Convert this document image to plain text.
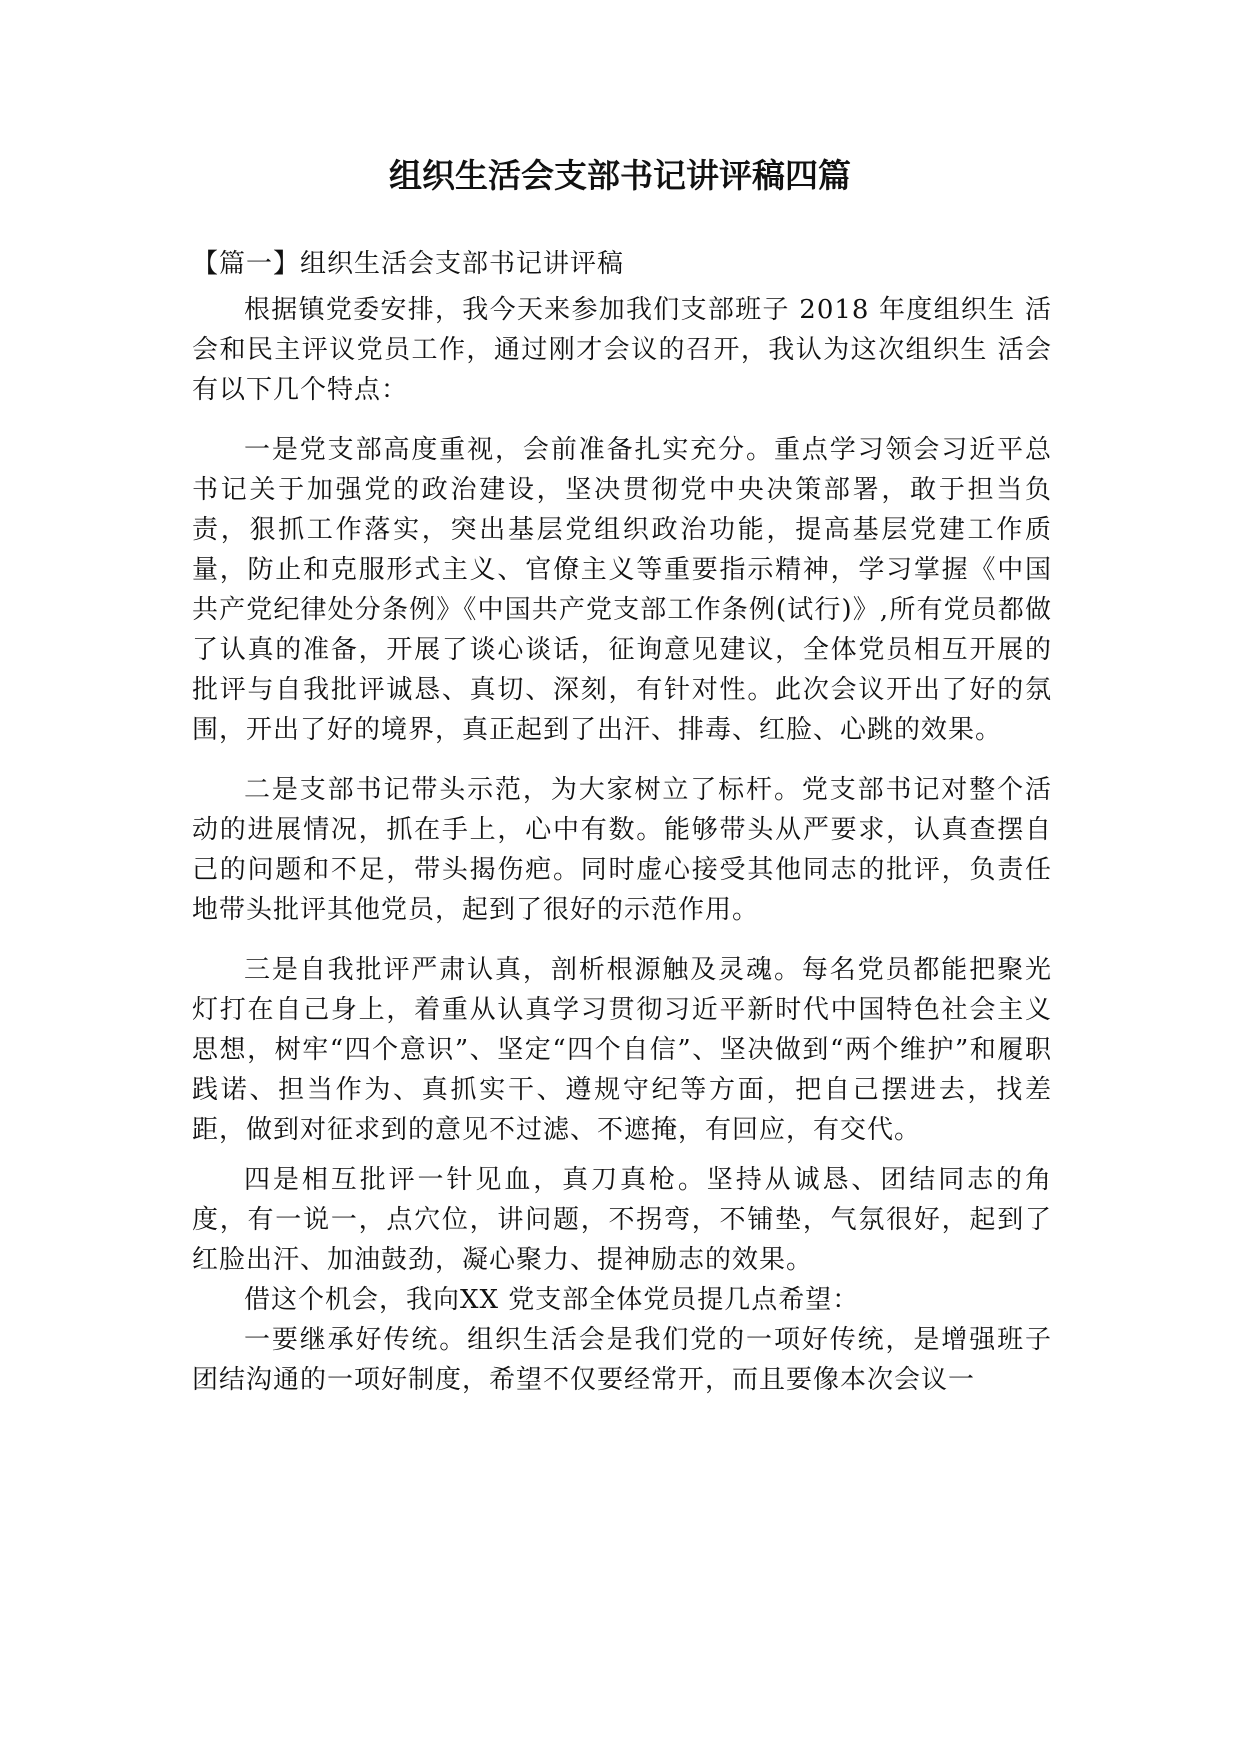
组织生活会支部书记讲评稿四篇

【篇一】组织生活会支部书记讲评稿

根据镇党委安排，我今天来参加我们支部班子 2018 年度组织生 活会和民主评议党员工作，通过刚才会议的召开，我认为这次组织生 活会有以下几个特点：

一是党支部高度重视，会前准备扎实充分。重点学习领会习近平总书记关于加强党的政治建设，坚决贯彻党中央决策部署，敢于担当负责，狠抓工作落实，突出基层党组织政治功能，提高基层党建工作质量，防止和克服形式主义、官僚主义等重要指示精神，学习掌握《中国共产党纪律处分条例》《中国共产党支部工作条例(试行)》,所有党员都做了认真的准备，开展了谈心谈话，征询意见建议，全体党员相互开展的批评与自我批评诚恳、真切、深刻，有针对性。此次会议开出了好的氛围，开出了好的境界，真正起到了出汗、排毒、红脸、心跳的效果。

二是支部书记带头示范，为大家树立了标杆。党支部书记对整个活动的进展情况，抓在手上，心中有数。能够带头从严要求，认真查摆自己的问题和不足，带头揭伤疤。同时虚心接受其他同志的批评，负责任地带头批评其他党员，起到了很好的示范作用。

三是自我批评严肃认真，剖析根源触及灵魂。每名党员都能把聚光灯打在自己身上，着重从认真学习贯彻习近平新时代中国特色社会主义思想，树牢“四个意识”、坚定“四个自信”、坚决做到“两个维护”和履职践诺、担当作为、真抓实干、遵规守纪等方面，把自己摆进去，找差距，做到对征求到的意见不过滤、不遮掩，有回应，有交代。

四是相互批评一针见血，真刀真枪。坚持从诚恳、团结同志的角度，有一说一，点穴位，讲问题，不拐弯，不铺垫，气氛很好，起到了红脸出汗、加油鼓劲，凝心聚力、提神励志的效果。

借这个机会，我向XX 党支部全体党员提几点希望：

一要继承好传统。组织生活会是我们党的一项好传统，是增强班子团结沟通的一项好制度，希望不仅要经常开，而且要像本次会议一
